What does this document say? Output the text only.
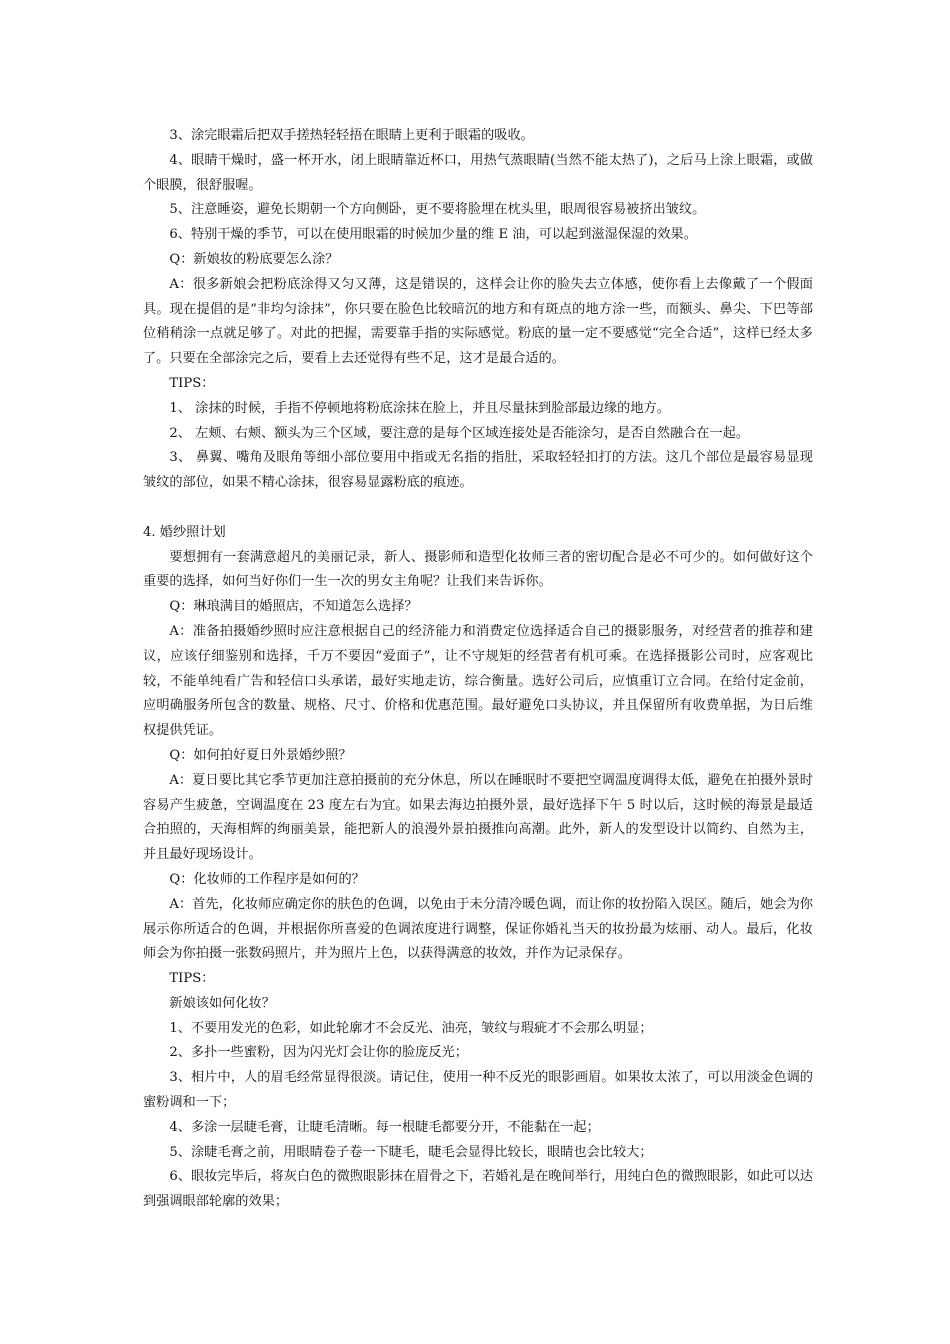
3、涂完眼霜后把双手搓热轻轻捂在眼睛上更利于眼霜的吸收。

4、眼睛干燥时，盛一杯开水，闭上眼睛靠近杯口，用热气蒸眼睛(当然不能太热了)，之后马上涂上眼霜，或做个眼膜，很舒服喔。

5、注意睡姿，避免长期朝一个方向侧卧，更不要将脸埋在枕头里，眼周很容易被挤出皱纹。

6、特别干燥的季节，可以在使用眼霜的时候加少量的维 E 油，可以起到滋湿保湿的效果。

Q：新娘妆的粉底要怎么涂？

A：很多新娘会把粉底涂得又匀又薄，这是错误的，这样会让你的脸失去立体感，使你看上去像戴了一个假面具。现在提倡的是“非均匀涂抹”，你只要在脸色比较暗沉的地方和有斑点的地方涂一些，而额头、鼻尖、下巴等部位稍稍涂一点就足够了。对此的把握，需要靠手指的实际感觉。粉底的量一定不要感觉“完全合适”，这样已经太多了。只要在全部涂完之后，要看上去还觉得有些不足，这才是最合适的。

TIPS：

1、 涂抹的时候，手指不停顿地将粉底涂抹在脸上，并且尽量抹到脸部最边缘的地方。

2、 左颊、右颊、额头为三个区域，要注意的是每个区域连接处是否能涂匀，是否自然融合在一起。

3、 鼻翼、嘴角及眼角等细小部位要用中指或无名指的指肚，采取轻轻扣打的方法。这几个部位是最容易显现皱纹的部位，如果不精心涂抹，很容易显露粉底的痕迹。

4. 婚纱照计划

要想拥有一套满意超凡的美丽记录，新人、摄影师和造型化妆师三者的密切配合是必不可少的。如何做好这个重要的选择，如何当好你们一生一次的男女主角呢？让我们来告诉你。

Q：琳琅满目的婚照店，不知道怎么选择？

A：准备拍摄婚纱照时应注意根据自己的经济能力和消费定位选择适合自己的摄影服务，对经营者的推荐和建议，应该仔细鉴别和选择，千万不要因“爱面子”，让不守规矩的经营者有机可乘。在选择摄影公司时，应客观比较，不能单纯看广告和轻信口头承诺，最好实地走访，综合衡量。选好公司后，应慎重订立合同。在给付定金前，应明确服务所包含的数量、规格、尺寸、价格和优惠范围。最好避免口头协议，并且保留所有收费单据，为日后维权提供凭证。

Q：如何拍好夏日外景婚纱照？

A：夏日要比其它季节更加注意拍摄前的充分休息，所以在睡眠时不要把空调温度调得太低，避免在拍摄外景时容易产生疲惫，空调温度在 23 度左右为宜。如果去海边拍摄外景，最好选择下午 5 时以后，这时候的海景是最适合拍照的，天海相辉的绚丽美景，能把新人的浪漫外景拍摄推向高潮。此外，新人的发型设计以简约、自然为主，并且最好现场设计。

Q：化妆师的工作程序是如何的？

A：首先，化妆师应确定你的肤色的色调，以免由于未分清冷暖色调，而让你的妆扮陷入误区。随后，她会为你展示你所适合的色调，并根据你所喜爱的色调浓度进行调整，保证你婚礼当天的妆扮最为炫丽、动人。最后，化妆师会为你拍摄一张数码照片，并为照片上色，以获得满意的妆效，并作为记录保存。

TIPS：

新娘该如何化妆？

1、不要用发光的色彩，如此轮廓才不会反光、油亮，皱纹与瑕疵才不会那么明显；

2、多扑一些蜜粉，因为闪光灯会让你的脸庞反光；

3、相片中，人的眉毛经常显得很淡。请记住，使用一种不反光的眼影画眉。如果妆太浓了，可以用淡金色调的蜜粉调和一下；

4、多涂一层睫毛膏，让睫毛清晰。每一根睫毛都要分开，不能黏在一起；

5、涂睫毛膏之前，用眼睛卷子卷一下睫毛，睫毛会显得比较长，眼睛也会比较大；

6、眼妆完毕后，将灰白色的微煦眼影抹在眉骨之下，若婚礼是在晚间举行，用纯白色的微煦眼影，如此可以达到强调眼部轮廓的效果；
